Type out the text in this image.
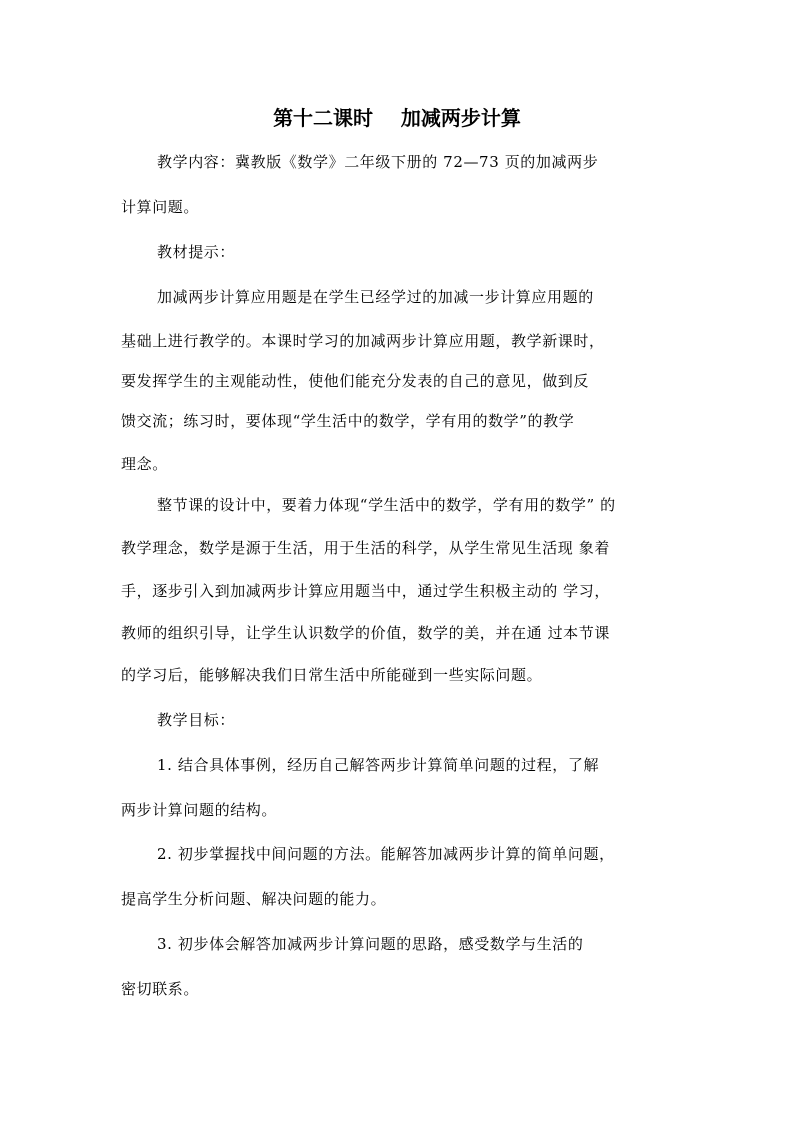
第十二课时    加减两步计算
教学内容：冀教版《数学》二年级下册的 72—73 页的加减两步
计算问题。
教材提示：
加减两步计算应用题是在学生已经学过的加减一步计算应用题的
基础上进行教学的。本课时学习的加减两步计算应用题，教学新课时，
要发挥学生的主观能动性，使他们能充分发表的自己的意见，做到反
馈交流；练习时，要体现“学生活中的数学，学有用的数学”的教学
理念。
整节课的设计中，要着力体现“学生活中的数学，学有用的数学” 的
教学理念，数学是源于生活，用于生活的科学，从学生常见生活现 象着
手，逐步引入到加减两步计算应用题当中，通过学生积极主动的 学习，
教师的组织引导，让学生认识数学的价值，数学的美，并在通 过本节课
的学习后，能够解决我们日常生活中所能碰到一些实际问题。
教学目标：
1. 结合具体事例，经历自己解答两步计算简单问题的过程，了解
两步计算问题的结构。
2. 初步掌握找中间问题的方法。能解答加减两步计算的简单问题，
提高学生分析问题、解决问题的能力。
3. 初步体会解答加减两步计算问题的思路，感受数学与生活的
密切联系。
